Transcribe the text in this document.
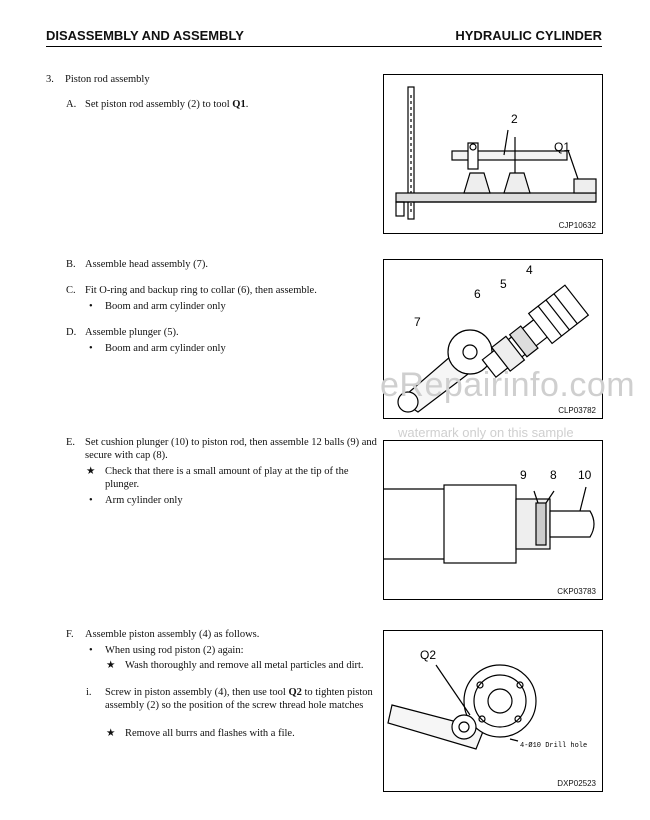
DISASSEMBLY AND ASSEMBLY	HYDRAULIC CYLINDER
3. Piston rod assembly
A. Set piston rod assembly (2) to tool Q1.
B. Assemble head assembly (7).
C. Fit O-ring and backup ring to collar (6), then assemble.
• Boom and arm cylinder only
D. Assemble plunger (5).
• Boom and arm cylinder only
E. Set cushion plunger (10) to piston rod, then assemble 12 balls (9) and secure with cap (8).
★ Check that there is a small amount of play at the tip of the plunger.
• Arm cylinder only
F. Assemble piston assembly (4) as follows.
• When using rod piston (2) again:
★ Wash thoroughly and remove all metal particles and dirt.
i. Screw in piston assembly (4), then use tool Q2 to tighten piston assembly (2) so the position of the screw thread hole matches
★ Remove all burrs and flashes with a file.
2
Q1
CJP10632
4
5
6
7
CLP03782
9 8 10
CKP03783
Q2
4-Ø10 Drill hole
DXP02523
eRepairinfo.com
watermark only on this sample
